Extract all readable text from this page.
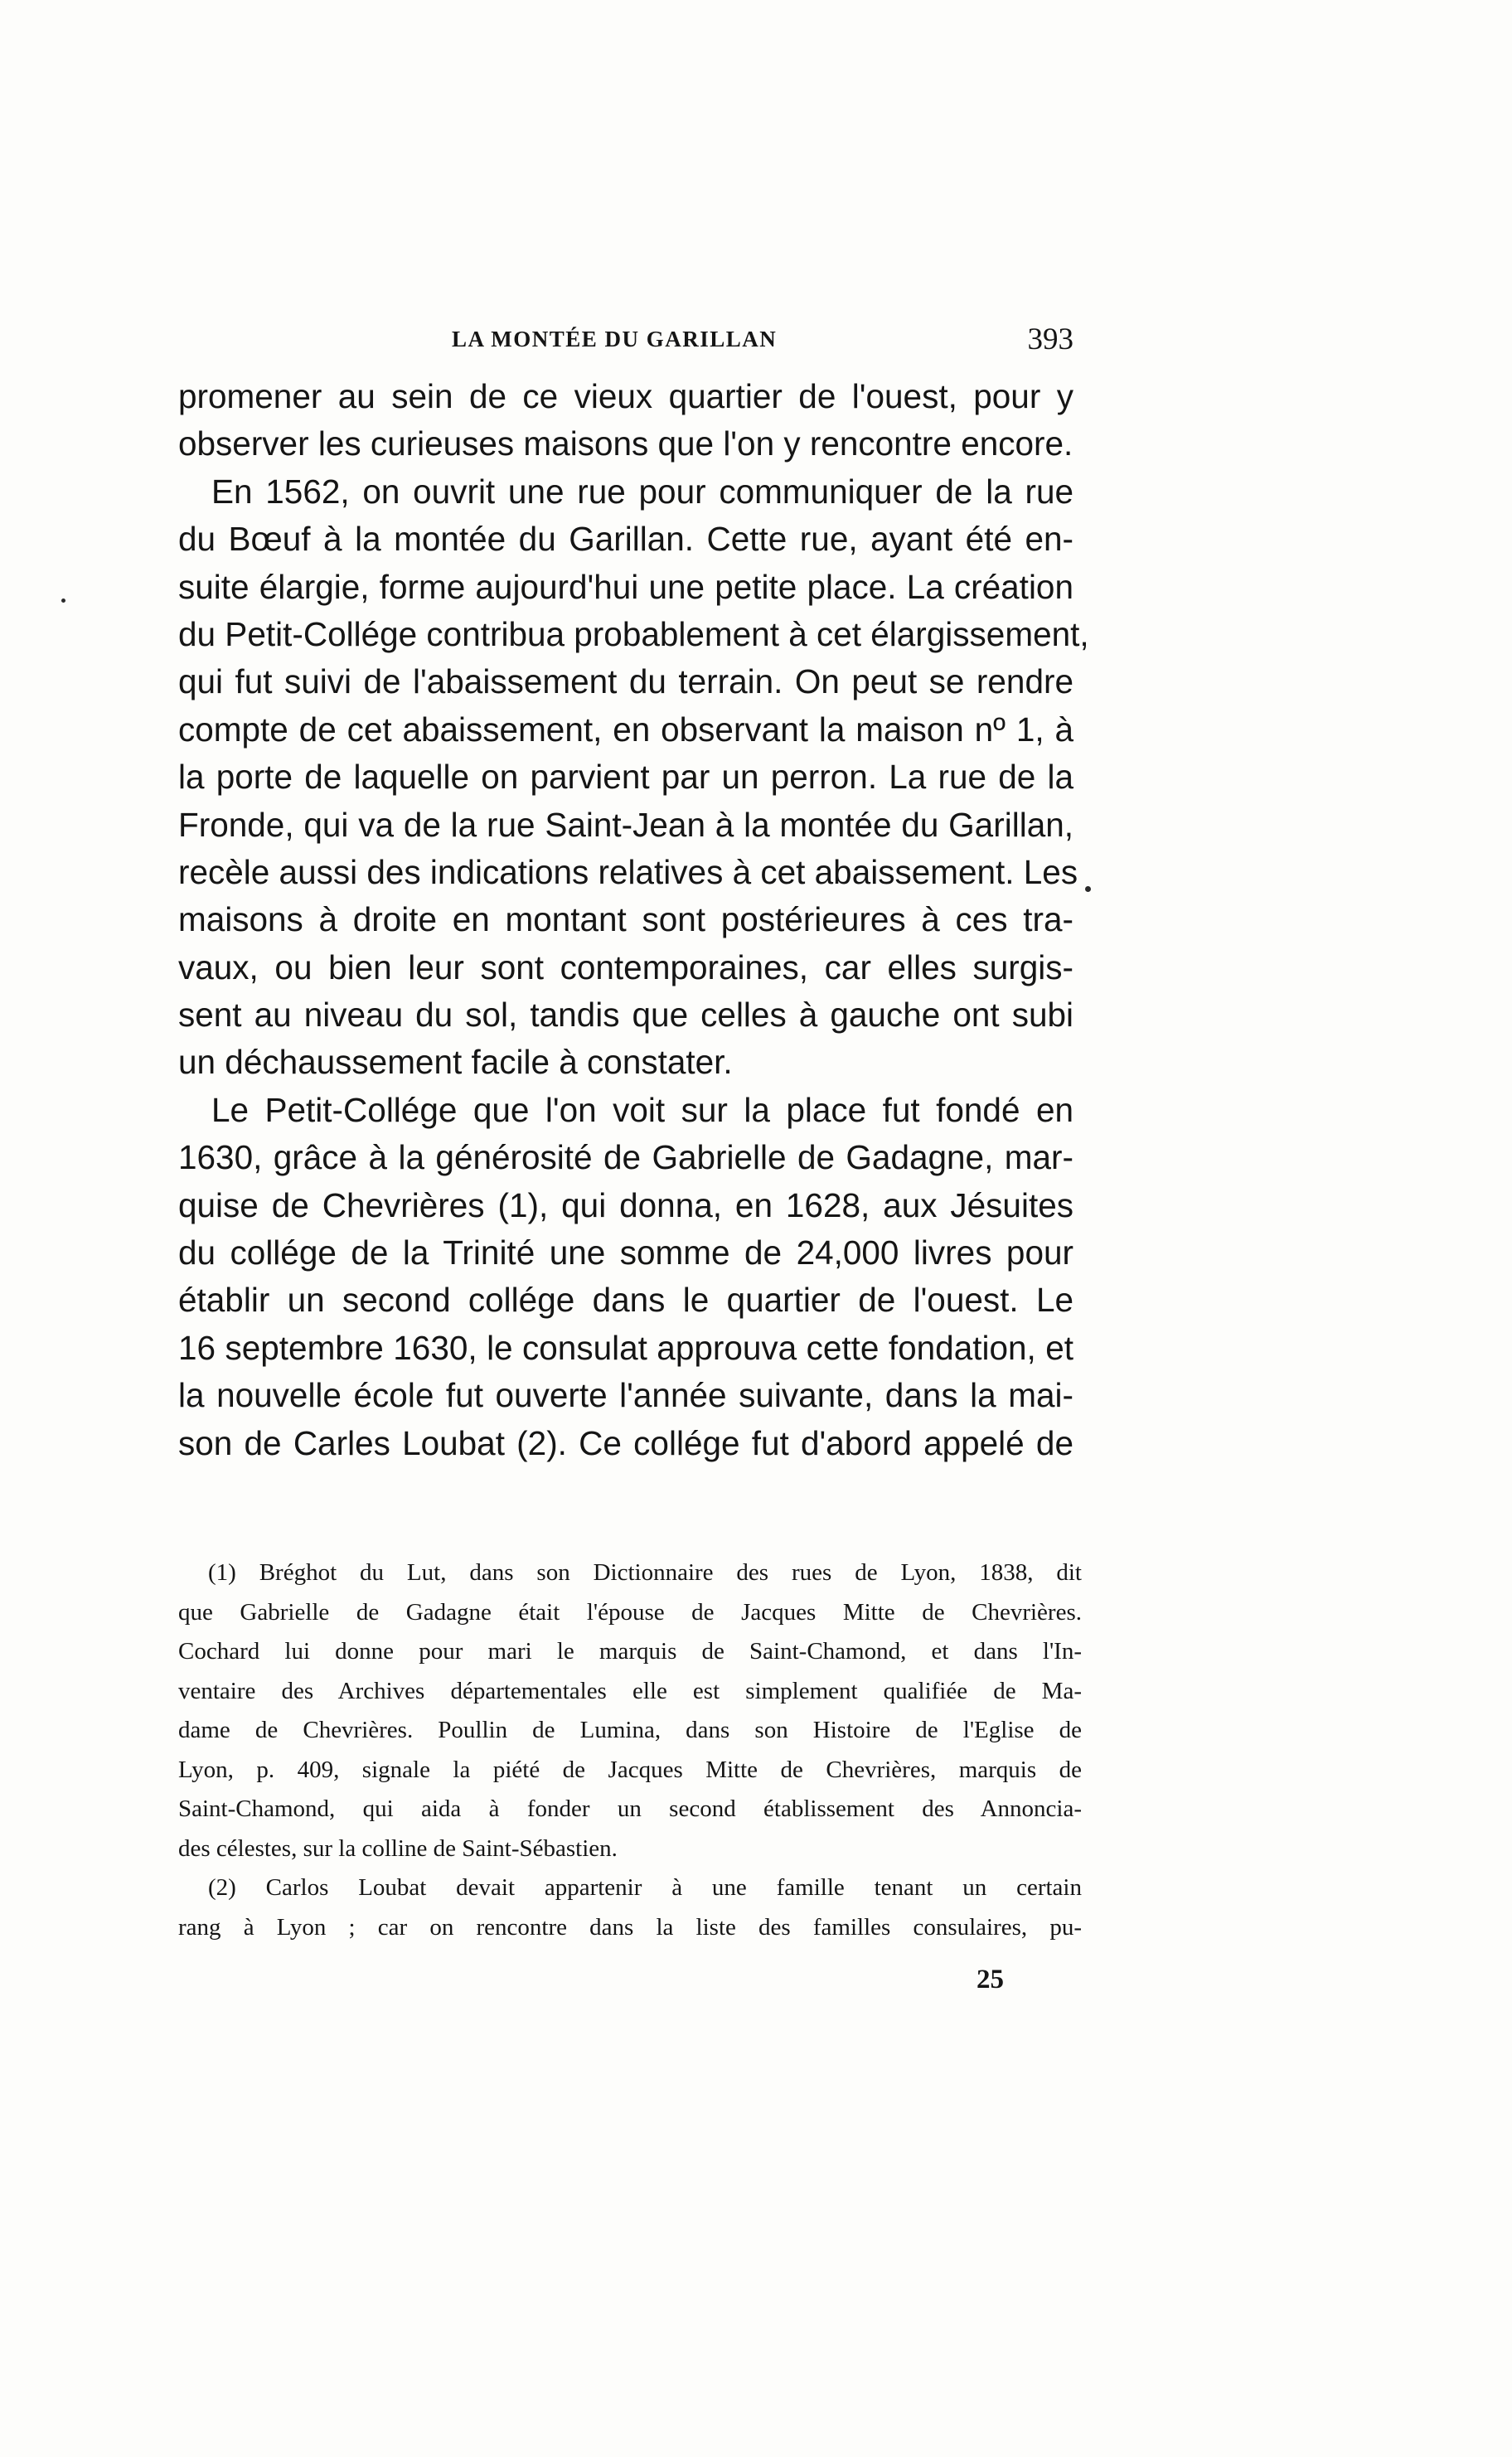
LA MONTÉE DU GARILLAN	393
promener au sein de ce vieux quartier de l'ouest, pour y
observer les curieuses maisons que l'on y rencontre encore.
En 1562, on ouvrit une rue pour communiquer de la rue
du Bœuf à la montée du Garillan. Cette rue, ayant été en-
suite élargie, forme aujourd'hui une petite place. La création
du Petit-Collége contribua probablement à cet élargissement,
qui fut suivi de l'abaissement du terrain. On peut se rendre
compte de cet abaissement, en observant la maison nº 1, à
la porte de laquelle on parvient par un perron. La rue de la
Fronde, qui va de la rue Saint-Jean à la montée du Garillan,
recèle aussi des indications relatives à cet abaissement. Les
maisons à droite en montant sont postérieures à ces tra-
vaux, ou bien leur sont contemporaines, car elles surgis-
sent au niveau du sol, tandis que celles à gauche ont subi
un déchaussement facile à constater.
Le Petit-Collége que l'on voit sur la place fut fondé en
1630, grâce à la générosité de Gabrielle de Gadagne, mar-
quise de Chevrières (1), qui donna, en 1628, aux Jésuites
du collége de la Trinité une somme de 24,000 livres pour
établir un second collége dans le quartier de l'ouest. Le
16 septembre 1630, le consulat approuva cette fondation, et
la nouvelle école fut ouverte l'année suivante, dans la mai-
son de Carles Loubat (2). Ce collége fut d'abord appelé de
(1) Bréghot du Lut, dans son Dictionnaire des rues de Lyon, 1838, dit
que Gabrielle de Gadagne était l'épouse de Jacques Mitte de Chevrières.
Cochard lui donne pour mari le marquis de Saint-Chamond, et dans l'In-
ventaire des Archives départementales elle est simplement qualifiée de Ma-
dame de Chevrières. Poullin de Lumina, dans son Histoire de l'Eglise de
Lyon, p. 409, signale la piété de Jacques Mitte de Chevrières, marquis de
Saint-Chamond, qui aida à fonder un second établissement des Annoncia-
des célestes, sur la colline de Saint-Sébastien.
(2) Carlos Loubat devait appartenir à une famille tenant un certain
rang à Lyon ; car on rencontre dans la liste des familles consulaires, pu-
25
